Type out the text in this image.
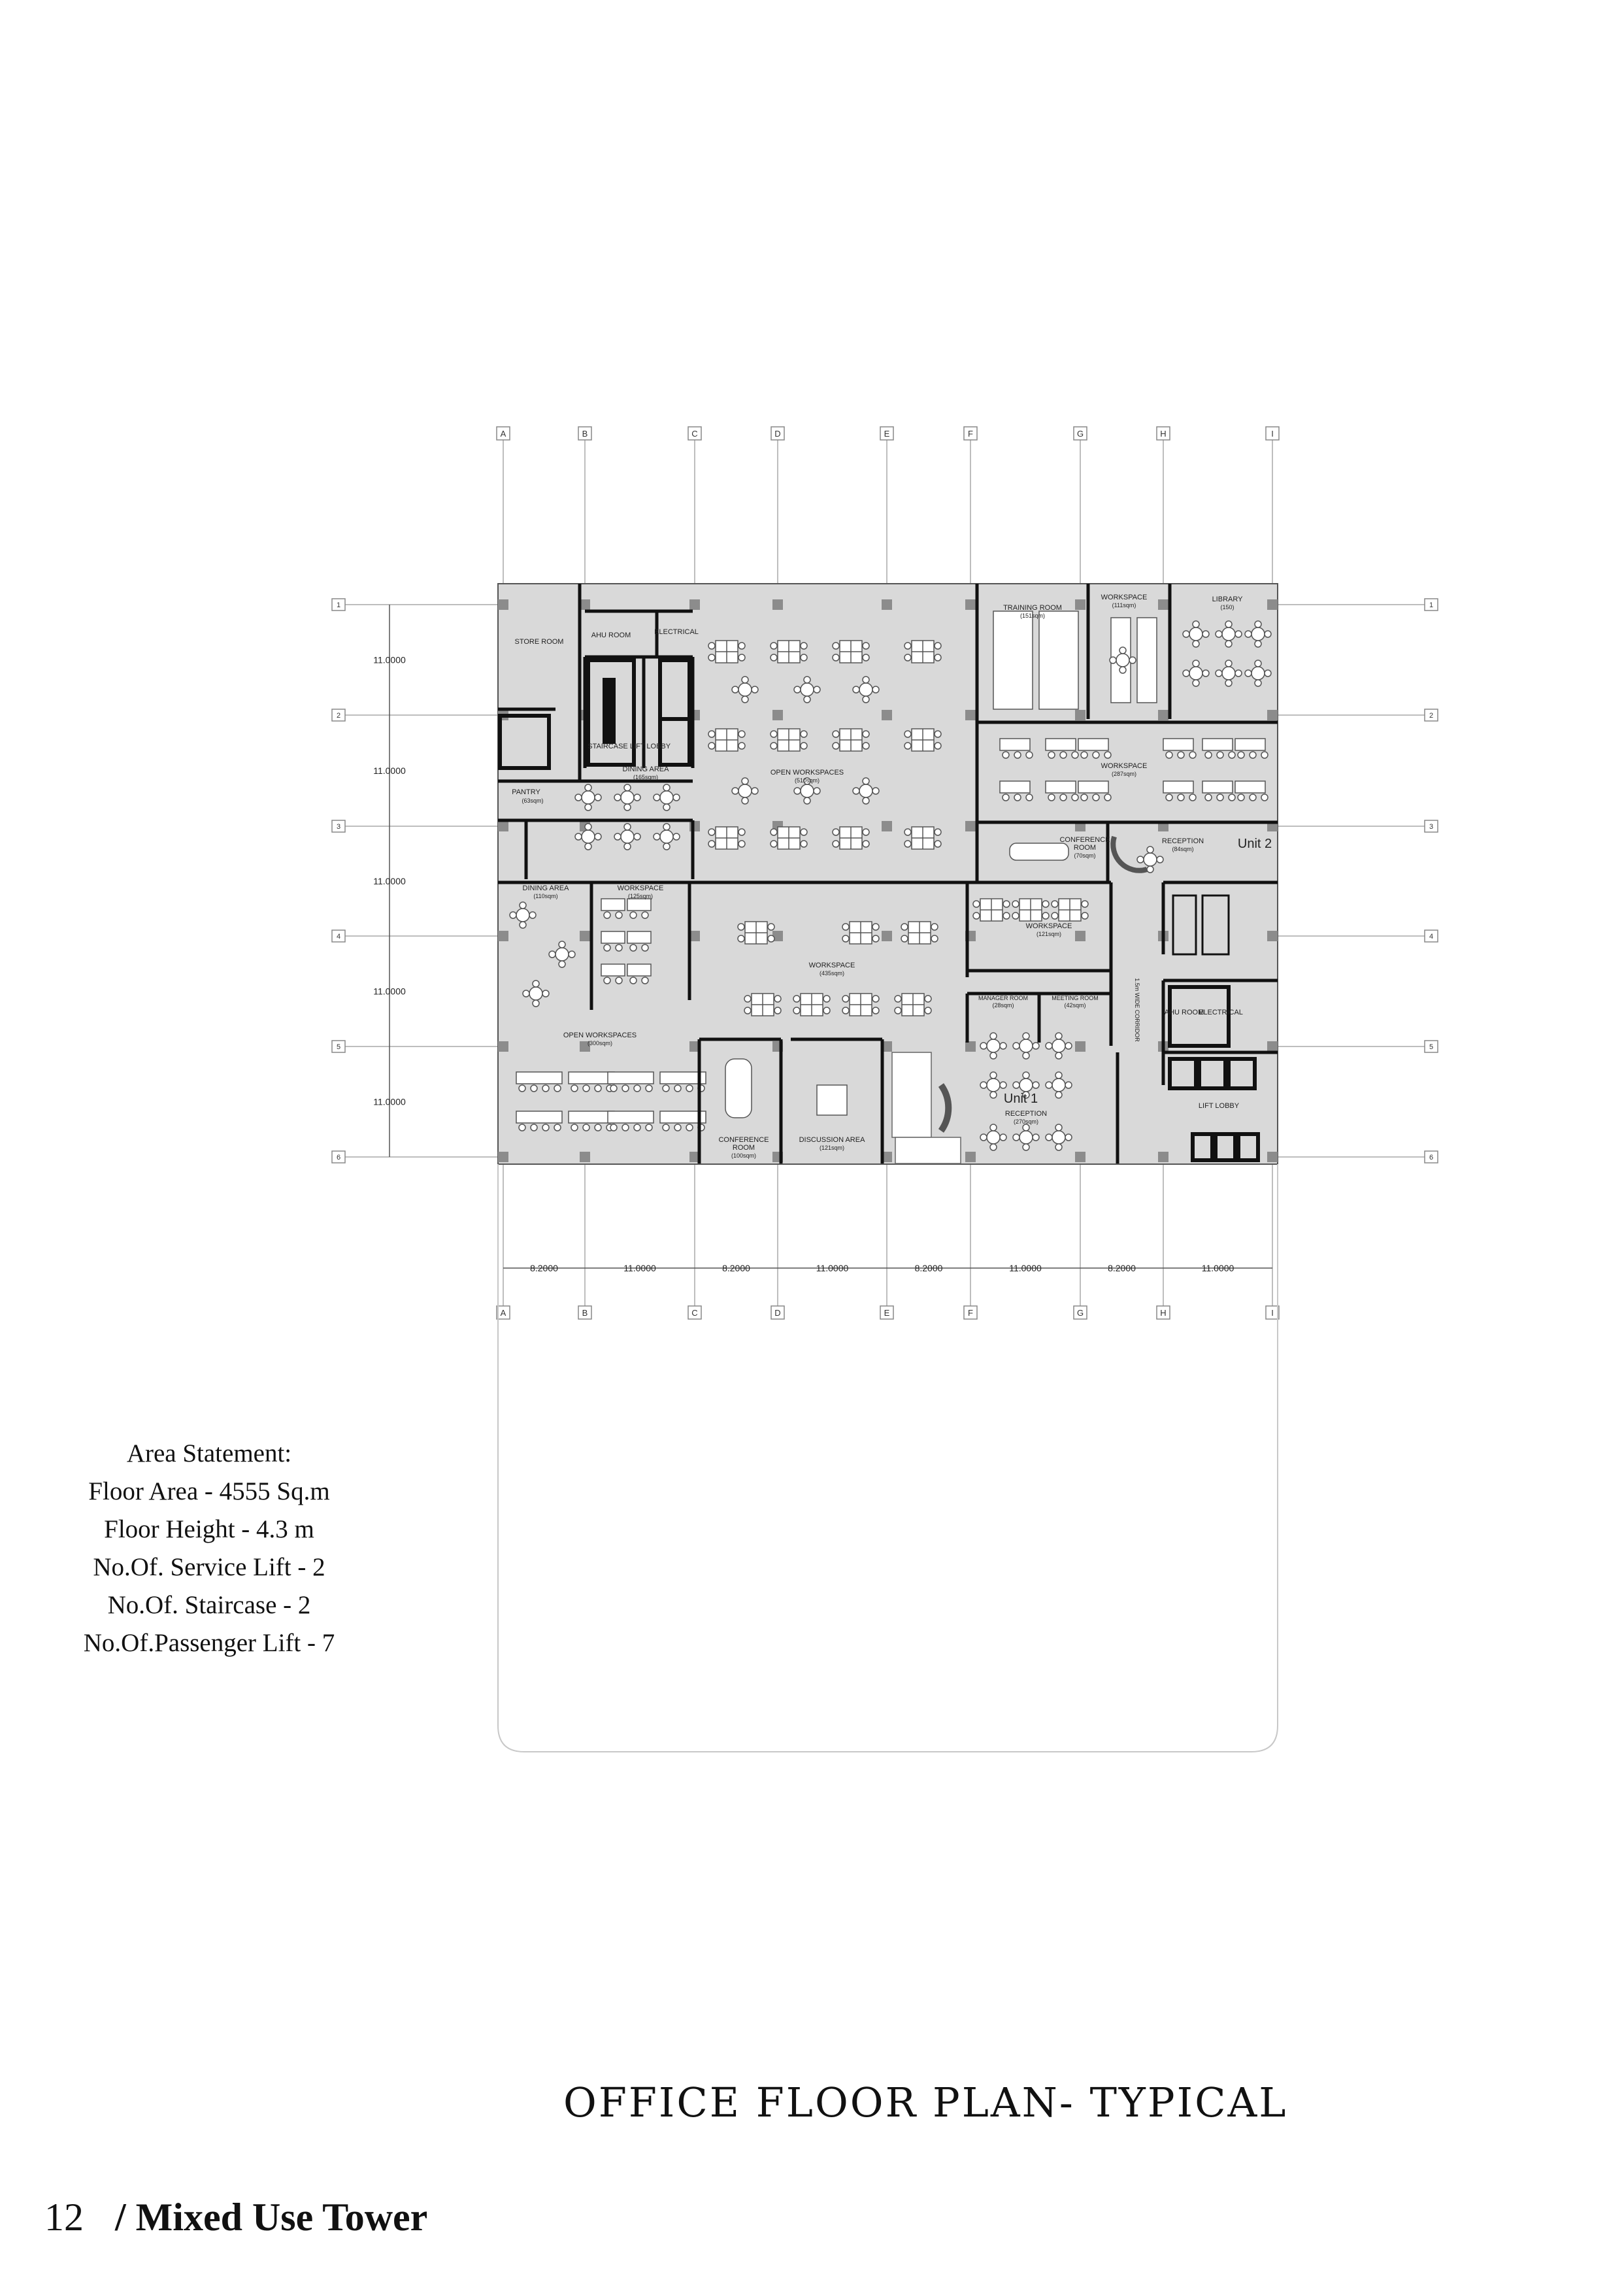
A
A
B
B
C
C
D
D
E
E
F
F
G
G
H
H
I
I
1	1
2	2
3	3
4	4
5	5
6	6
8.2000	11.0000	8.2000	11.0000	8.2000	11.0000	8.2000	11.0000
11.0000
11.0000
11.0000
11.0000
11.0000
STORE ROOM
AHU ROOM	ELECTRICAL
STAIRCASE LIFT LOBBY
PANTRY
(63sqm)
DINING AREA
(165sqm)
OPEN WORKSPACES
(510sqm)
TRAINING ROOM
(151sqm)
WORKSPACE
(111sqm)
LIBRARY
(150)
WORKSPACE
(287sqm)
CONFERENCE
ROOM
(70sqm)
RECEPTION
(84sqm)	Unit 2
DINING AREA
(110sqm)
WORKSPACE
(125sqm)
WORKSPACE
(435sqm)
WORKSPACE
(121sqm)
MANAGER ROOM
(28sqm)
MEETING ROOM
(42sqm)	1.5m WIDE CORRIDOR	AHU ROOM
ELECTRICAL
LIFT LOBBY
OPEN WORKSPACES
(300sqm)
CONFERENCE
ROOM
(100sqm)
DISCUSSION AREA
(121sqm)
Unit 1
RECEPTION
(270sqm)
Area Statement:
Floor Area - 4555 Sq.m
Floor Height - 4.3 m
No.Of. Service Lift - 2
No.Of. Staircase - 2
No.Of.Passenger Lift - 7
OFFICE FLOOR PLAN- TYPICAL
12 / Mixed Use Tower
